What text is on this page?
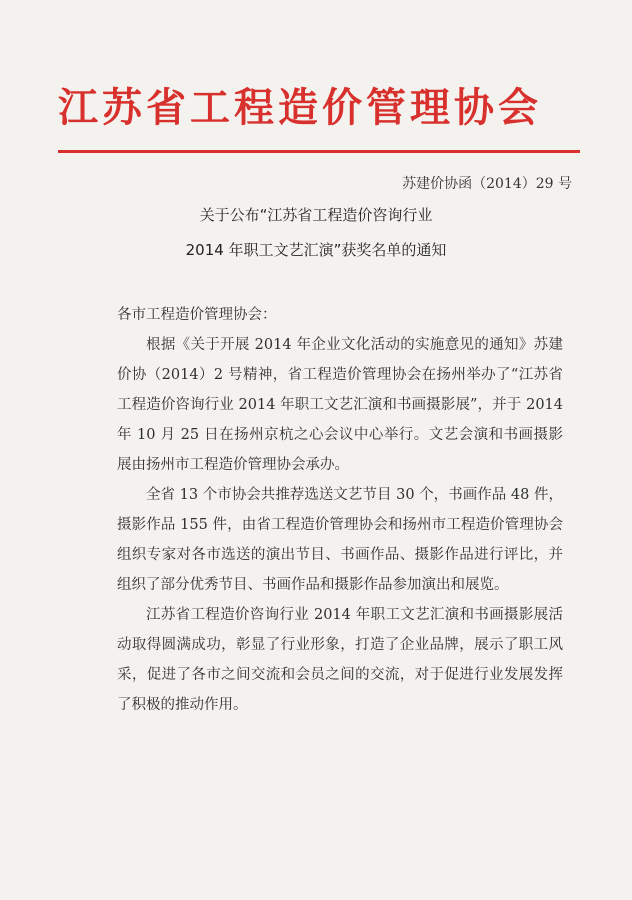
江苏省工程造价管理协会
苏建价协函（2014）29 号
关于公布“江苏省工程造价咨询行业
2014 年职工文艺汇演”获奖名单的通知

各市工程造价管理协会：

根据《关于开展 2014 年企业文化活动的实施意见的通知》苏建价协（2014）2 号精神，省工程造价管理协会在扬州举办了“江苏省工程造价咨询行业 2014 年职工文艺汇演和书画摄影展”，并于 2014 年 10 月 25 日在扬州京杭之心会议中心举行。文艺会演和书画摄影展由扬州市工程造价管理协会承办。

全省 13 个市协会共推荐选送文艺节目 30 个，书画作品 48 件，摄影作品 155 件，由省工程造价管理协会和扬州市工程造价管理协会组织专家对各市选送的演出节目、书画作品、摄影作品进行评比，并组织了部分优秀节目、书画作品和摄影作品参加演出和展览。

江苏省工程造价咨询行业 2014 年职工文艺汇演和书画摄影展活动取得圆满成功，彰显了行业形象，打造了企业品牌，展示了职工风采，促进了各市之间交流和会员之间的交流，对于促进行业发展发挥了积极的推动作用。
